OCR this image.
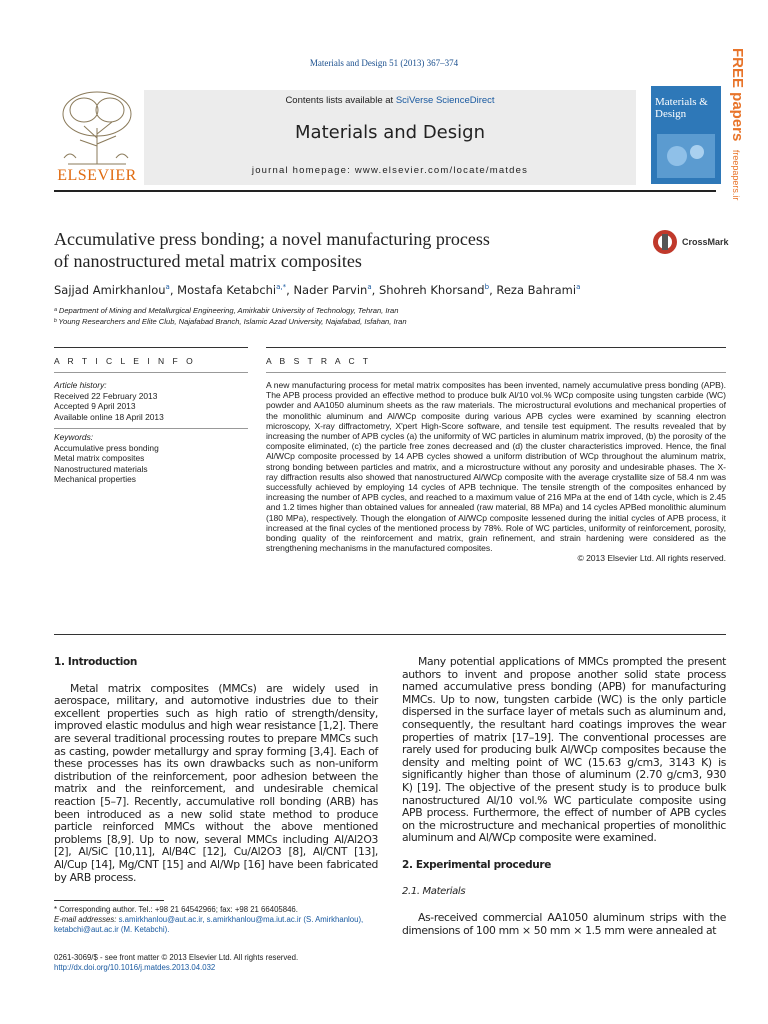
Materials and Design 51 (2013) 367–374
ELSEVIER
Contents lists available at SciVerse ScienceDirect
Materials and Design
journal homepage: www.elsevier.com/locate/matdes
Materials & Design	FREE papers freepapers.ir
Accumulative press bonding; a novel manufacturing process
of nanostructured metal matrix composites
CrossMark
Sajjad Amirkhanlou$^a$, Mostafa Ketabchi$^{a,*}$, Nader Parvin$^a$, Shohreh Khorsand$^b$, Reza Bahrami$^a$
ᵃ Department of Mining and Metallurgical Engineering, Amirkabir University of Technology, Tehran, Iran
ᵇ Young Researchers and Elite Club, Najafabad Branch, Islamic Azad University, Najafabad, Isfahan, Iran
A R T I C L E I N F O	A B S T R A C T
Article history:
Received 22 February 2013
Accepted 9 April 2013
Available online 18 April 2013
Keywords:
Accumulative press bonding
Metal matrix composites
Nanostructured materials
Mechanical properties
A new manufacturing process for metal matrix composites has been invented, namely accumulative press bonding (APB). The APB process provided an effective method to produce bulk Al/10 vol.% WCp composite using tungsten carbide (WC) powder and AA1050 aluminum sheets as the raw materials. The microstructural evolutions and mechanical properties of the monolithic aluminum and Al/WCp composite during various APB cycles were examined by scanning electron microscopy, X-ray diffractometry, X'pert High-Score software, and tensile test equipment. The results revealed that by increasing the number of APB cycles (a) the uniformity of WC particles in aluminum matrix improved, (b) the porosity of the composite eliminated, (c) the particle free zones decreased and (d) the cluster characteristics improved. Hence, the final Al/WCp composite processed by 14 APB cycles showed a uniform distribution of WCp throughout the aluminum matrix, strong bonding between particles and matrix, and a microstructure without any porosity and undesirable phases. The X-ray diffraction results also showed that nanostructured Al/WCp composite with the average crystallite size of 58.4 nm was successfully achieved by employing 14 cycles of APB technique. The tensile strength of the composites enhanced by increasing the number of APB cycles, and reached to a maximum value of 216 MPa at the end of 14th cycle, which is 2.45 and 1.2 times higher than obtained values for annealed (raw material, 88 MPa) and 14 cycles APBed monolithic aluminum (180 MPa), respectively. Though the elongation of Al/WCp composite lessened during the initial cycles of APB process, it increased at the final cycles of the mentioned process by 78%. Role of WC particles, uniformity of reinforcement, porosity, bonding quality of the reinforcement and matrix, grain refinement, and strain hardening were considered as the strengthening mechanisms in the manufactured composites.
© 2013 Elsevier Ltd. All rights reserved.
1. Introduction

Metal matrix composites (MMCs) are widely used in aerospace, military, and automotive industries due to their excellent properties such as high ratio of strength/density, improved elastic modulus and high wear resistance [1,2]. There are several traditional processing routes to prepare MMCs such as casting, powder metallurgy and spray forming [3,4]. Each of these processes has its own drawbacks such as non-uniform distribution of the reinforcement, poor adhesion between the matrix and the reinforcement, and undesirable chemical reaction [5–7]. Recently, accumulative roll bonding (ARB) has been introduced as a new solid state method to produce particle reinforced MMCs without the above mentioned problems [8,9]. Up to now, several MMCs including Al/Al2O3 [2], Al/SiC [10,11], Al/B4C [12], Cu/Al2O3 [8], Al/CNT [13], Al/Cup [14], Mg/CNT [15] and Al/Wp [16] have been fabricated by ARB process.

Many potential applications of MMCs prompted the present authors to invent and propose another solid state process named accumulative press bonding (APB) for manufacturing MMCs. Up to now, tungsten carbide (WC) is the only particle dispersed in the surface layer of metals such as aluminum and, consequently, the resultant hard coatings improves the wear properties of matrix [17–19]. The conventional processes are rarely used for producing bulk Al/WCp composites because the density and melting point of WC (15.63 g/cm3, 3143 K) is significantly higher than those of aluminum (2.70 g/cm3, 930 K) [19]. The objective of the present study is to produce bulk nanostructured Al/10 vol.% WC particulate composite using APB process. Furthermore, the effect of number of APB cycles on the microstructure and mechanical properties of monolithic aluminum and Al/WCp composite were examined.

2. Experimental procedure
2.1. Materials

As-received commercial AA1050 aluminum strips with the dimensions of 100 mm × 50 mm × 1.5 mm were annealed at

* Corresponding author. Tel.: +98 21 64542966; fax: +98 21 66405846.
E-mail addresses: s.amirkhanlou@aut.ac.ir, s.amirkhanlou@ma.iut.ac.ir (S. Amirkhanlou), ketabchi@aut.ac.ir (M. Ketabchi).
0261-3069/$ - see front matter © 2013 Elsevier Ltd. All rights reserved.
http://dx.doi.org/10.1016/j.matdes.2013.04.032
